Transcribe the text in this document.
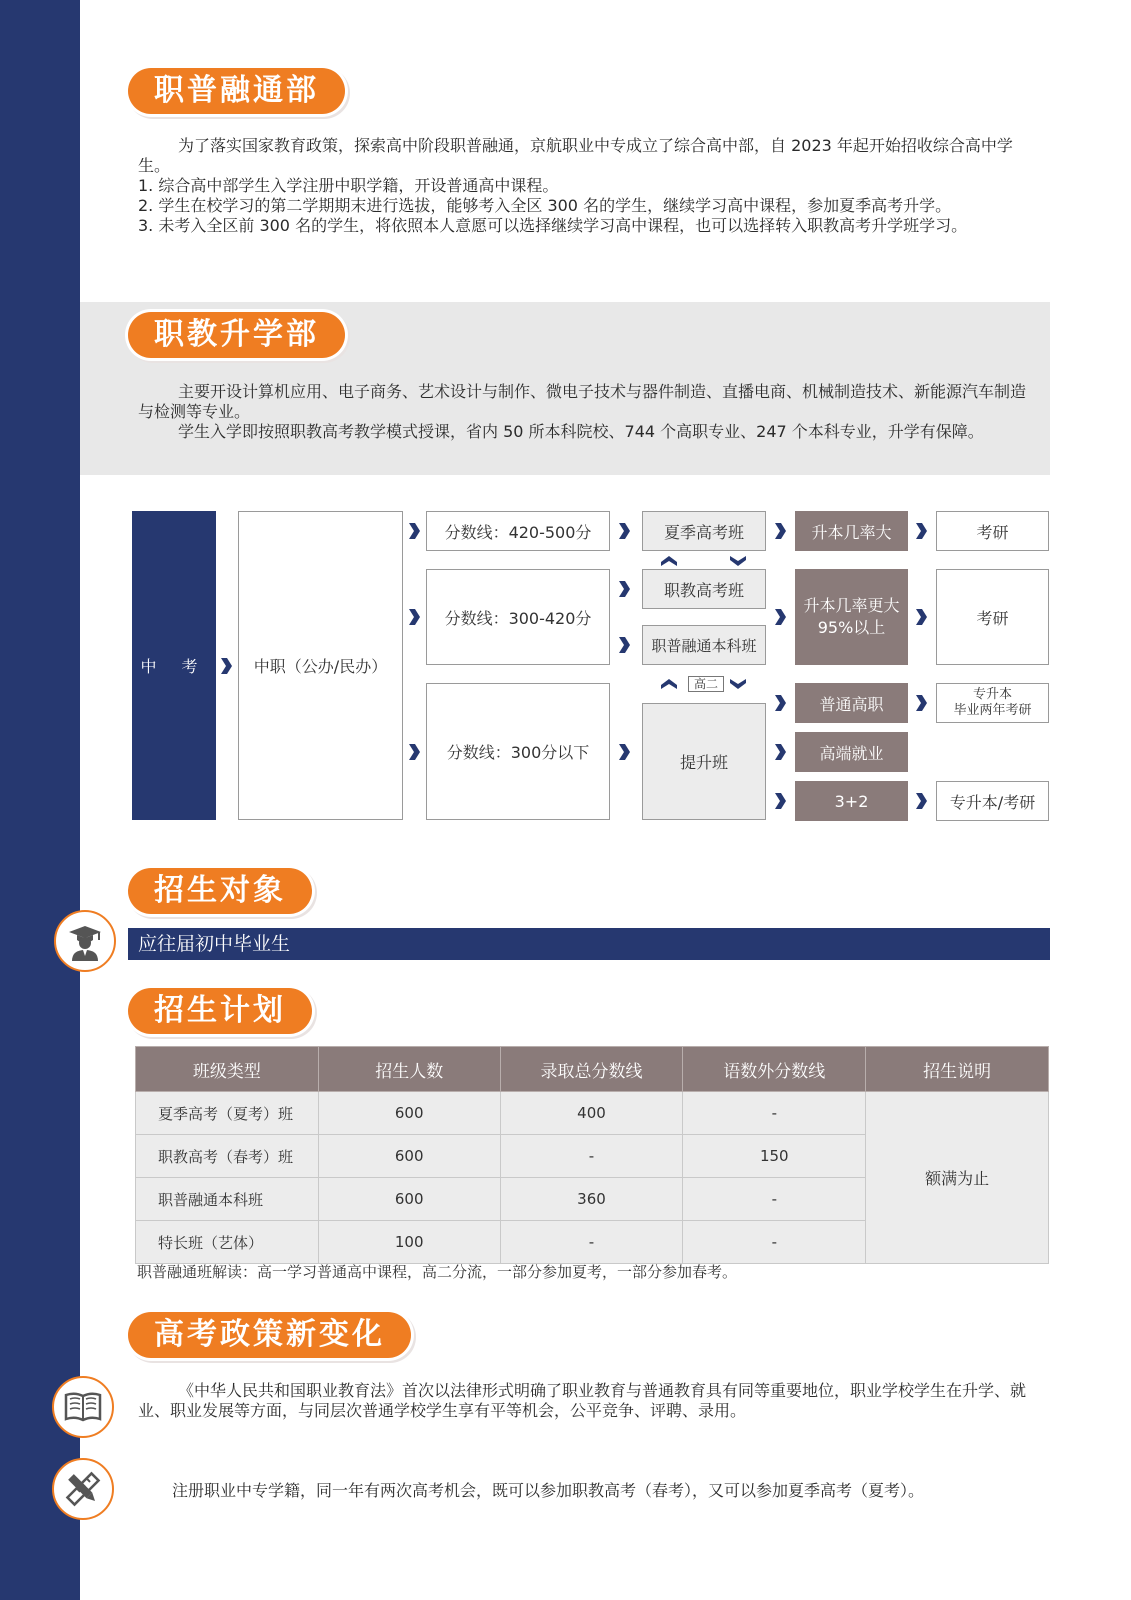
职普融通部

为了落实国家教育政策，探索高中阶段职普融通，京航职业中专成立了综合高中部，自 2023 年起开始招收综合高中学生。

1. 综合高中部学生入学注册中职学籍，开设普通高中课程。

2. 学生在校学习的第二学期期末进行选拔，能够考入全区 300 名的学生，继续学习高中课程，参加夏季高考升学。

3. 未考入全区前 300 名的学生，将依照本人意愿可以选择继续学习高中课程，也可以选择转入职教高考升学班学习。

职教升学部

主要开设计算机应用、电子商务、艺术设计与制作、微电子技术与器件制造、直播电商、机械制造技术、新能源汽车制造与检测等专业。

学生入学即按照职教高考教学模式授课，省内 50 所本科院校、744 个高职专业、247 个本科专业，升学有保障。

中 考	中职（公办/民办）
分数线：420-500分
分数线：300-420分
分数线：300分以下
夏季高考班
职教高考班
职普融通本科班
提升班
高二
升本几率大
升本几率更大95%以上
普通高职
高端就业
3+2
考研
考研
专升本
毕业两年考研
专升本/考研
招生对象
应往届初中毕业生
招生计划
班级类型	招生人数	录取总分数线	语数外分数线	招生说明
夏季高考（夏考）班	600	400	-	额满为止
职教高考（春考）班	600	-	150	
职普融通本科班	600	360	-	
特长班（艺体）	100	-	-	
职普融通班解读：高一学习普通高中课程，高二分流，一部分参加夏考，一部分参加春考。
高考政策新变化

《中华人民共和国职业教育法》首次以法律形式明确了职业教育与普通教育具有同等重要地位，职业学校学生在升学、就业、职业发展等方面，与同层次普通学校学生享有平等机会，公平竞争、评聘、录用。

注册职业中专学籍，同一年有两次高考机会，既可以参加职教高考（春考），又可以参加夏季高考（夏考）。
